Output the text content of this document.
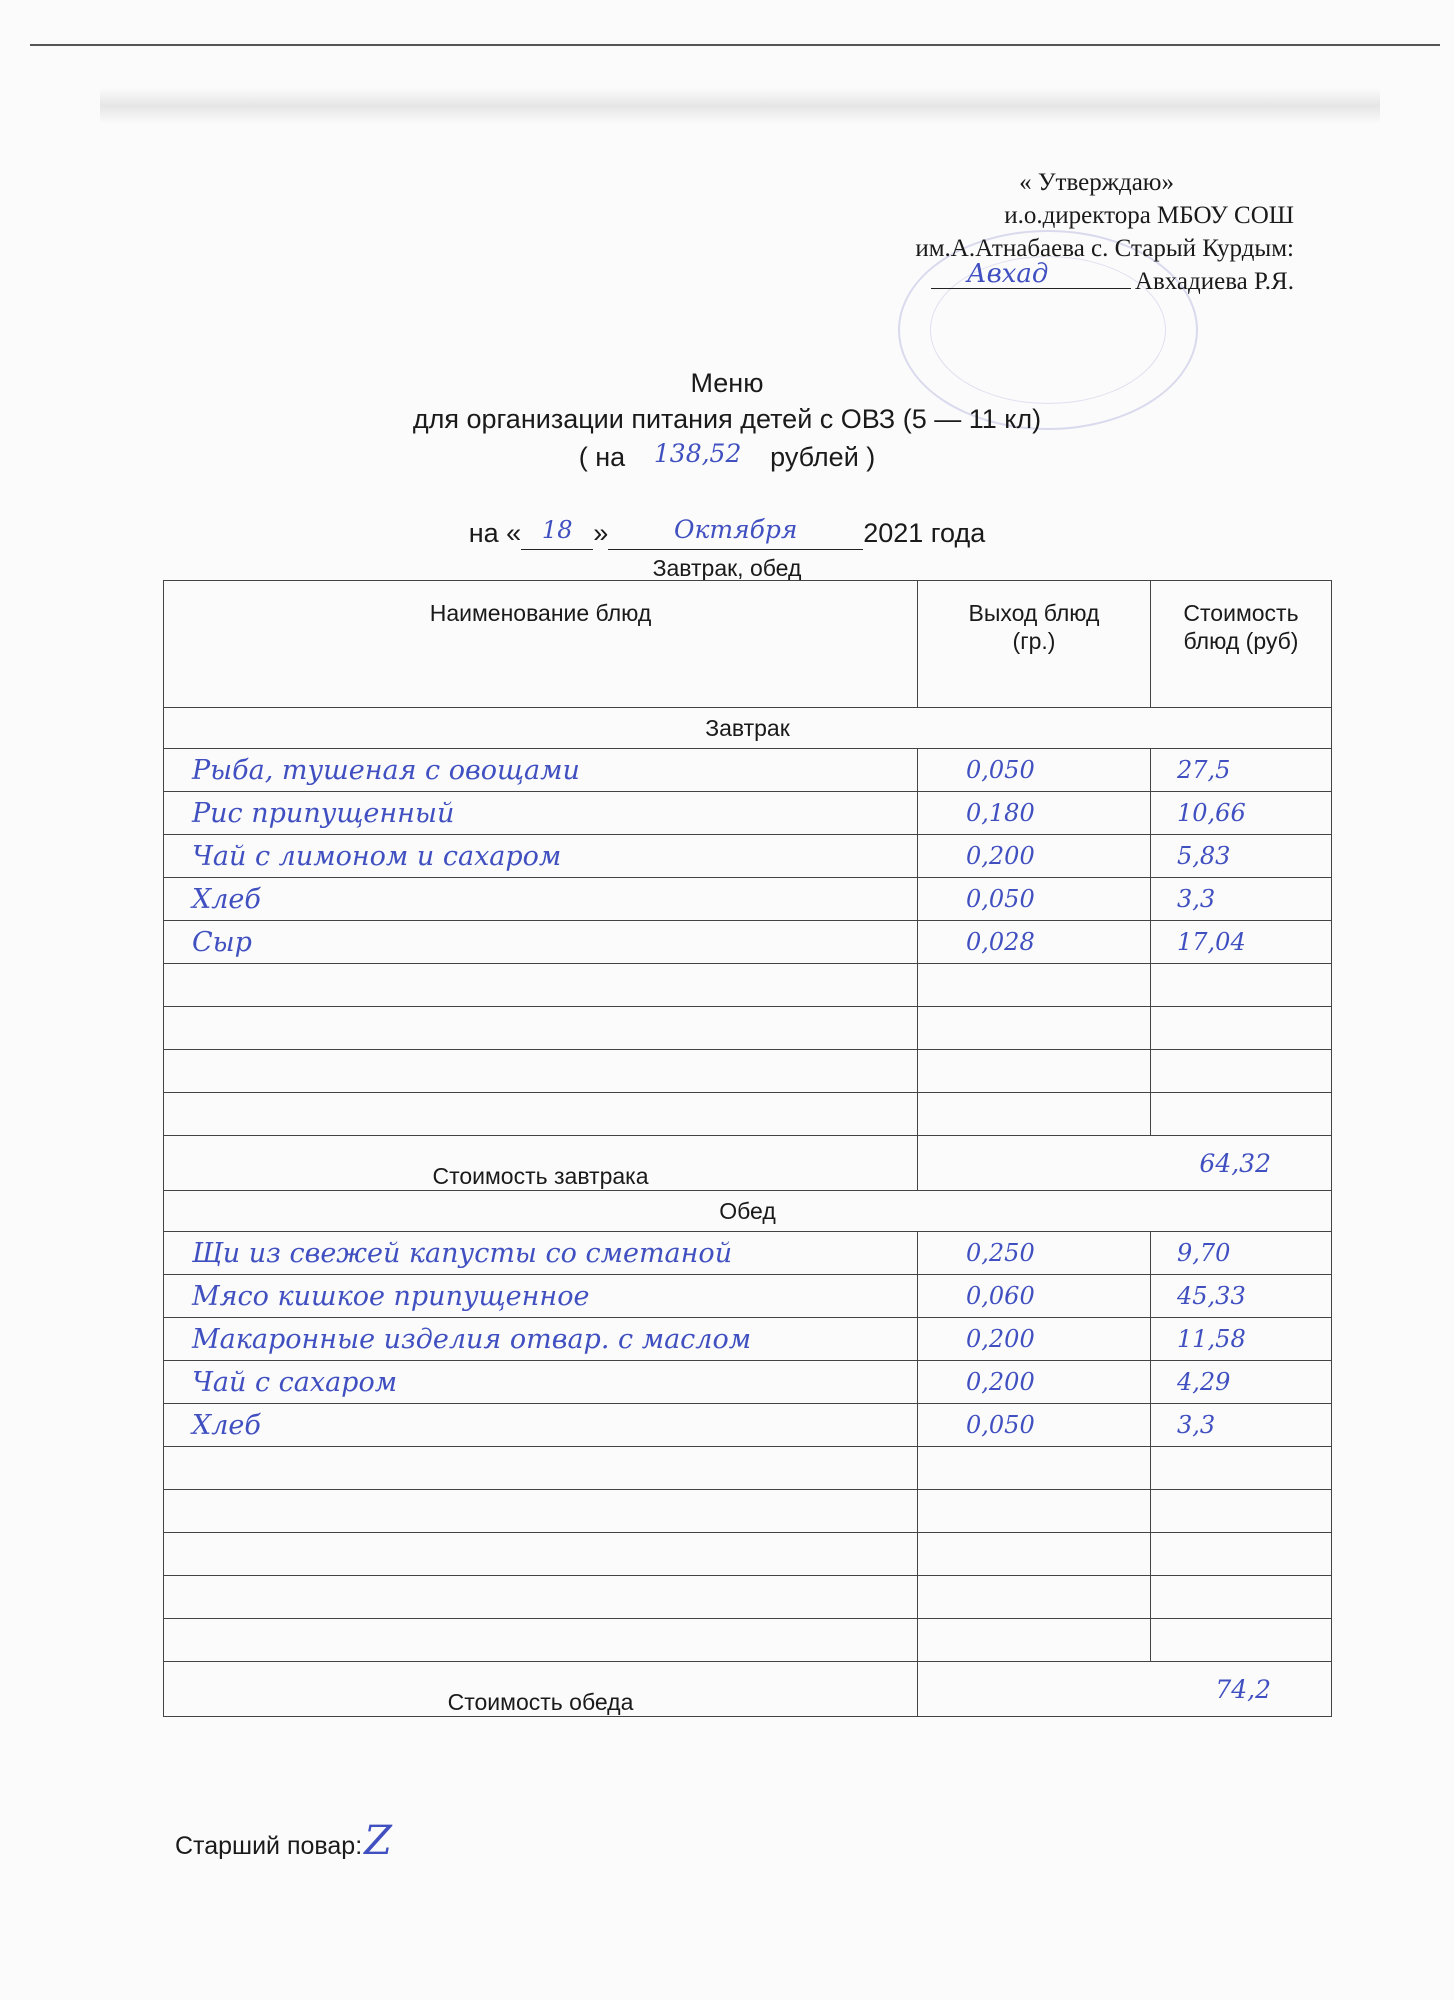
« Утверждаю»
и.о.директора МБОУ СОШ
им.А.Атнабаева с. Старый Курдым:
Авхад	Авхадиева Р.Я.
Меню
для организации питания детей с ОВЗ (5 — 11 кл)
( на 138,52 рублей )
на « 18 »	Октября 2021 года
Завтрак, обед
Наименование блюд	Выход блюд (гр.)	Стоимость блюд (руб)

Завтрак		
Рыба, тушеная с овощами	0,050	27,5
Рис припущенный	0,180	10,66
Чай с лимоном и сахаром	0,200	5,83
Хлеб	0,050	3,3
Сыр	0,028	17,04

Стоимость завтрака	64,32	
Обед		
Щи из свежей капусты со сметаной	0,250	9,70
Мясо кишкое припущенное	0,060	45,33
Макаронные изделия отвар. с маслом	0,200	11,58
Чай с сахаром	0,200	4,29
Хлеб	0,050	3,3

Стоимость обеда	74,2	
Старший повар:Z
